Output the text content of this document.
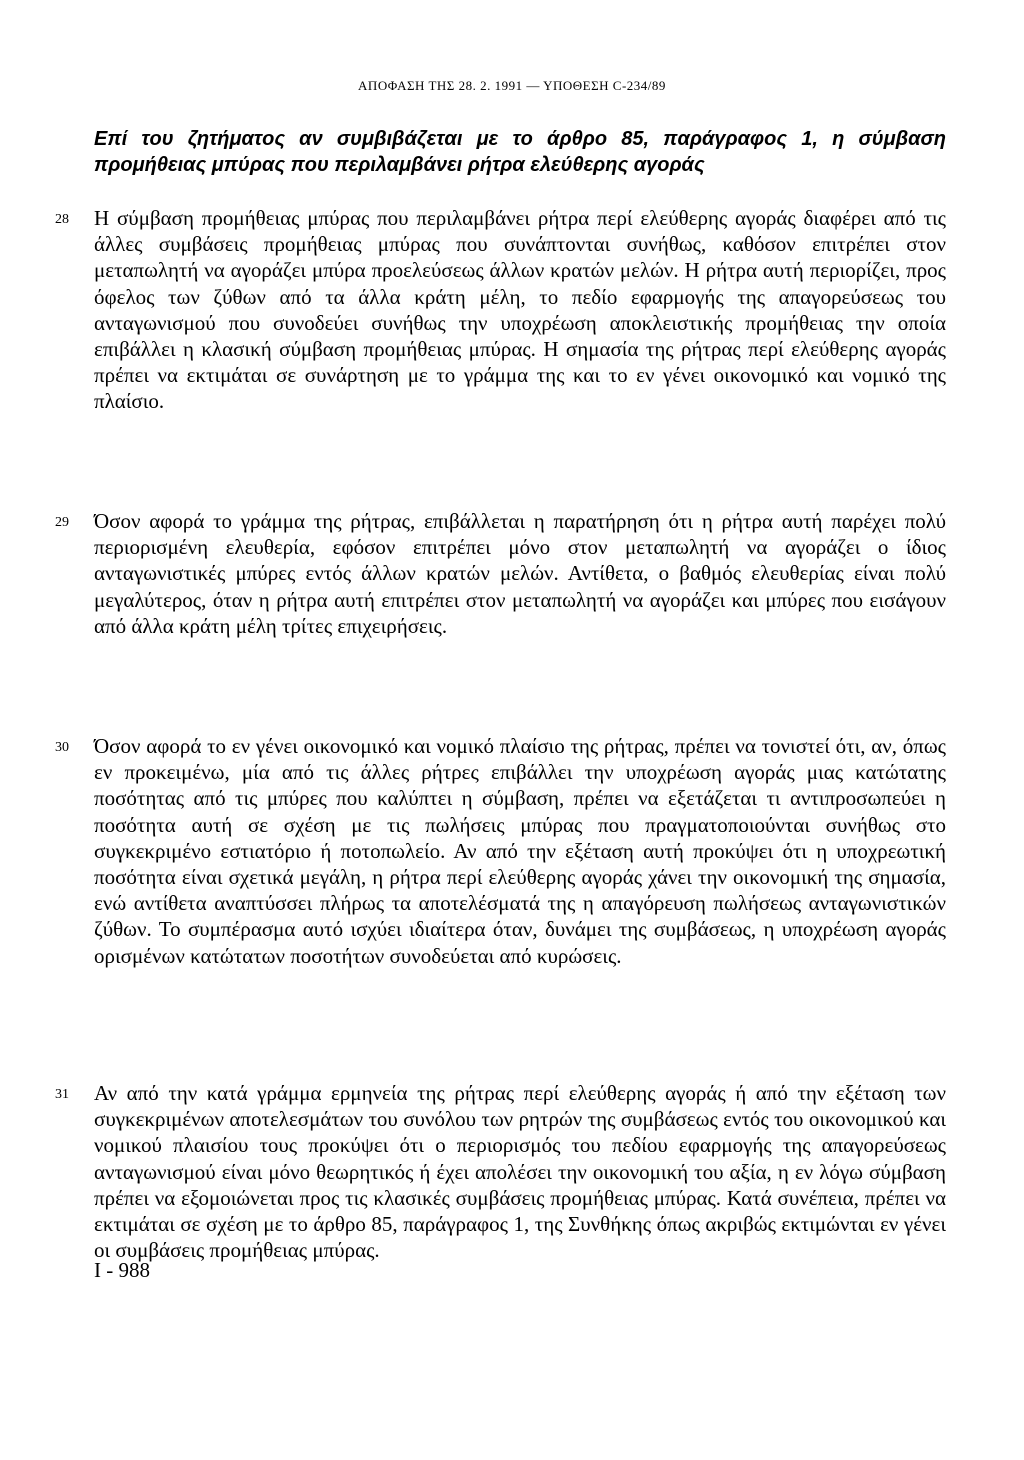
ΑΠΟΦΑΣΗ ΤΗΣ 28. 2. 1991 — ΥΠΟΘΕΣΗ C-234/89
Επί του ζητήματος αν συμβιβάζεται με το άρθρο 85, παράγραφος 1, η σύμβαση προμήθειας μπύρας που περιλαμβάνει ρήτρα ελεύθερης αγοράς
28 Η σύμβαση προμήθειας μπύρας που περιλαμβάνει ρήτρα περί ελεύθερης αγοράς διαφέρει από τις άλλες συμβάσεις προμήθειας μπύρας που συνάπτονται συνήθως, καθόσον επιτρέπει στον μεταπωλητή να αγοράζει μπύρα προελεύσεως άλλων κρατών μελών. Η ρήτρα αυτή περιορίζει, προς όφελος των ζύθων από τα άλλα κράτη μέλη, το πεδίο εφαρμογής της απαγορεύσεως του ανταγωνισμού που συνοδεύει συνήθως την υποχρέωση αποκλειστικής προμήθειας την οποία επιβάλλει η κλασική σύμβαση προμήθειας μπύρας. Η σημασία της ρήτρας περί ελεύθερης αγοράς πρέπει να εκτιμάται σε συνάρτηση με το γράμμα της και το εν γένει οικονομικό και νομικό της πλαίσιο.
29 Όσον αφορά το γράμμα της ρήτρας, επιβάλλεται η παρατήρηση ότι η ρήτρα αυτή παρέχει πολύ περιορισμένη ελευθερία, εφόσον επιτρέπει μόνο στον μεταπωλητή να αγοράζει ο ίδιος ανταγωνιστικές μπύρες εντός άλλων κρατών μελών. Αντίθετα, ο βαθμός ελευθερίας είναι πολύ μεγαλύτερος, όταν η ρήτρα αυτή επιτρέπει στον μεταπωλητή να αγοράζει και μπύρες που εισάγουν από άλλα κράτη μέλη τρίτες επιχειρήσεις.
30 Όσον αφορά το εν γένει οικονομικό και νομικό πλαίσιο της ρήτρας, πρέπει να τονιστεί ότι, αν, όπως εν προκειμένω, μία από τις άλλες ρήτρες επιβάλλει την υποχρέωση αγοράς μιας κατώτατης ποσότητας από τις μπύρες που καλύπτει η σύμβαση, πρέπει να εξετάζεται τι αντιπροσωπεύει η ποσότητα αυτή σε σχέση με τις πωλήσεις μπύρας που πραγματοποιούνται συνήθως στο συγκεκριμένο εστιατόριο ή ποτοπωλείο. Αν από την εξέταση αυτή προκύψει ότι η υποχρεωτική ποσότητα είναι σχετικά μεγάλη, η ρήτρα περί ελεύθερης αγοράς χάνει την οικονομική της σημασία, ενώ αντίθετα αναπτύσσει πλήρως τα αποτελέσματά της η απαγόρευση πωλήσεως ανταγωνιστικών ζύθων. Το συμπέρασμα αυτό ισχύει ιδιαίτερα όταν, δυνάμει της συμβάσεως, η υποχρέωση αγοράς ορισμένων κατώτατων ποσοτήτων συνοδεύεται από κυρώσεις.
31 Αν από την κατά γράμμα ερμηνεία της ρήτρας περί ελεύθερης αγοράς ή από την εξέταση των συγκεκριμένων αποτελεσμάτων του συνόλου των ρητρών της συμβάσεως εντός του οικονομικού και νομικού πλαισίου τους προκύψει ότι ο περιορισμός του πεδίου εφαρμογής της απαγορεύσεως ανταγωνισμού είναι μόνο θεωρητικός ή έχει απολέσει την οικονομική του αξία, η εν λόγω σύμβαση πρέπει να εξομοιώνεται προς τις κλασικές συμβάσεις προμήθειας μπύρας. Κατά συνέπεια, πρέπει να εκτιμάται σε σχέση με το άρθρο 85, παράγραφος 1, της Συνθήκης όπως ακριβώς εκτιμώνται εν γένει οι συμβάσεις προμήθειας μπύρας.
I - 988
